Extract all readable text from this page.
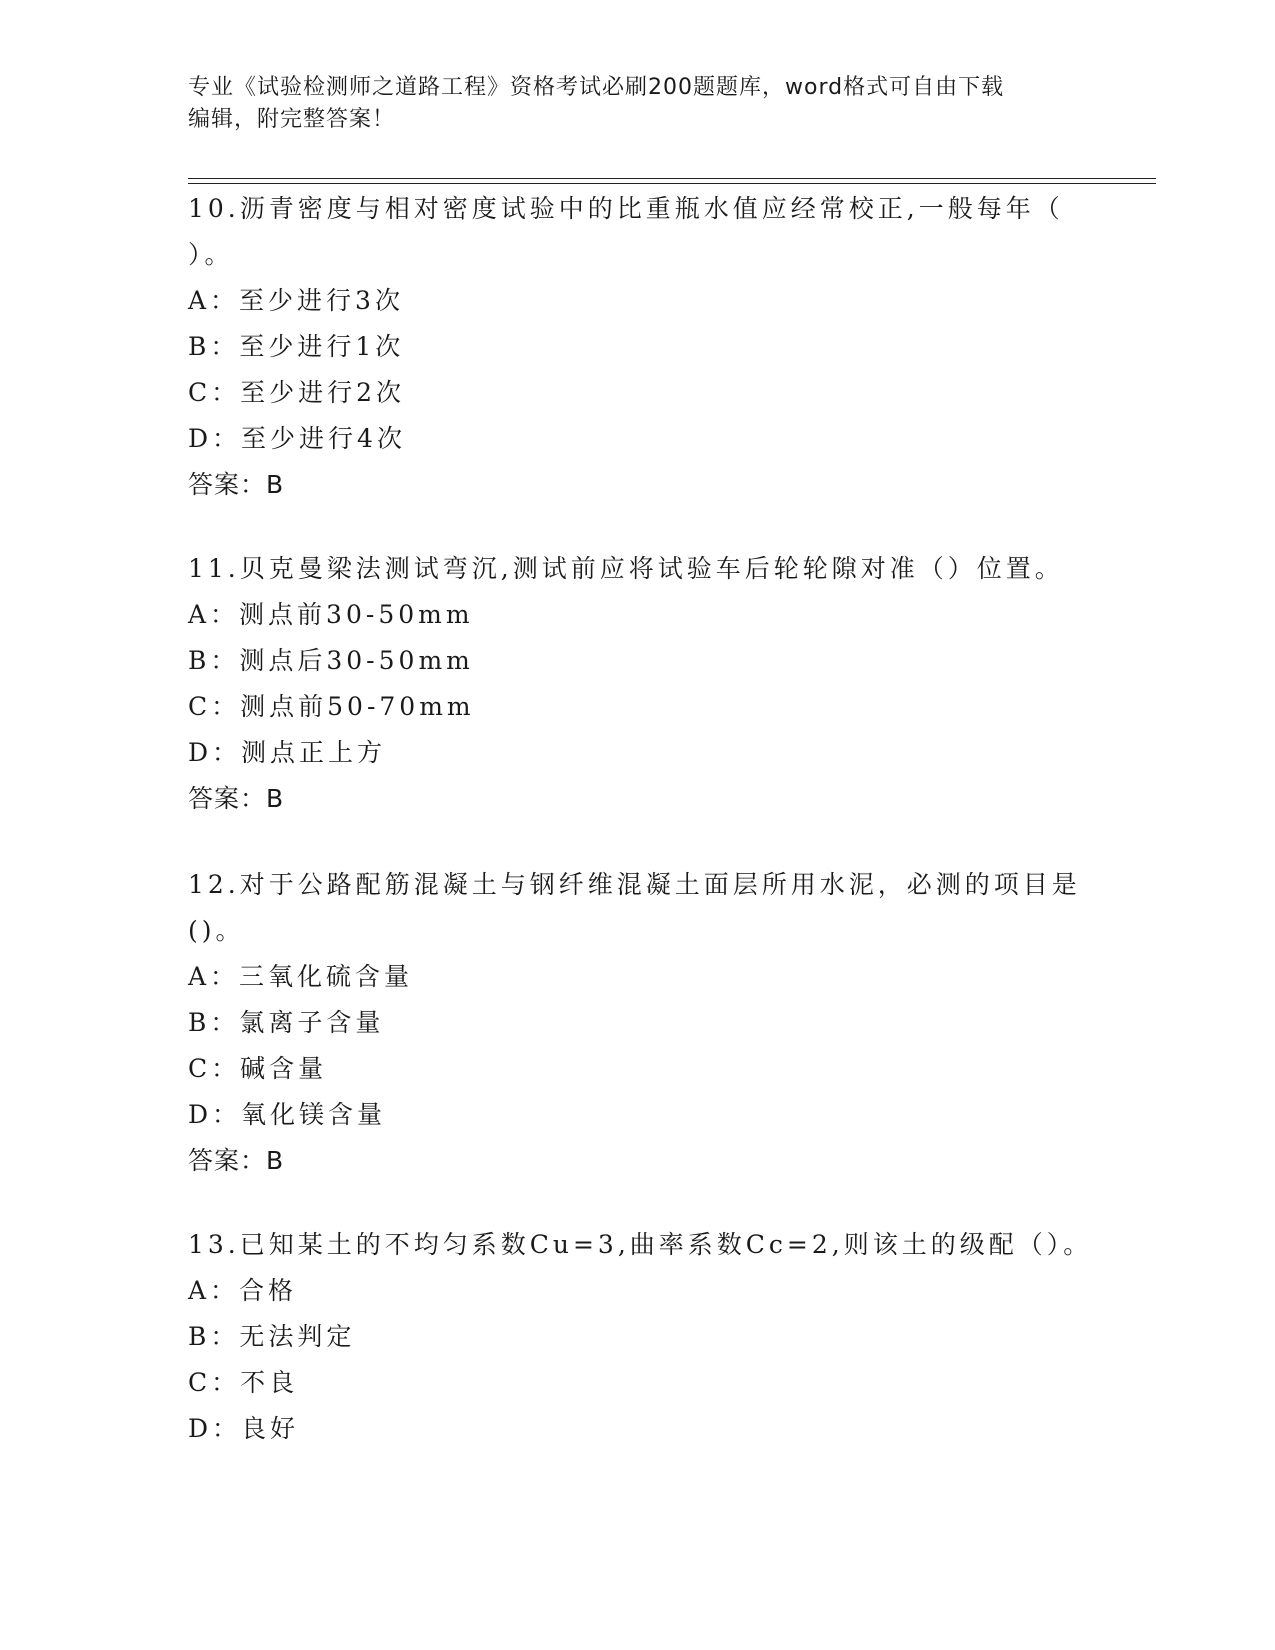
专业《试验检测师之道路工程》资格考试必刷200题题库，word格式可自由下载
编辑，附完整答案！
10.沥青密度与相对密度试验中的比重瓶水值应经常校正,一般每年（
）。
A：至少进行3次
B：至少进行1次
C：至少进行2次
D：至少进行4次
答案：B
11.贝克曼梁法测试弯沉,测试前应将试验车后轮轮隙对准（）位置。
A：测点前30-50mm
B：测点后30-50mm
C：测点前50-70mm
D：测点正上方
答案：B
12.对于公路配筋混凝土与钢纤维混凝土面层所用水泥，必测的项目是
()。
A：三氧化硫含量
B：氯离子含量
C：碱含量
D：氧化镁含量
答案：B
13.已知某土的不均匀系数Cu=3,曲率系数Cc=2,则该土的级配（）。
A：合格
B：无法判定
C：不良
D：良好
